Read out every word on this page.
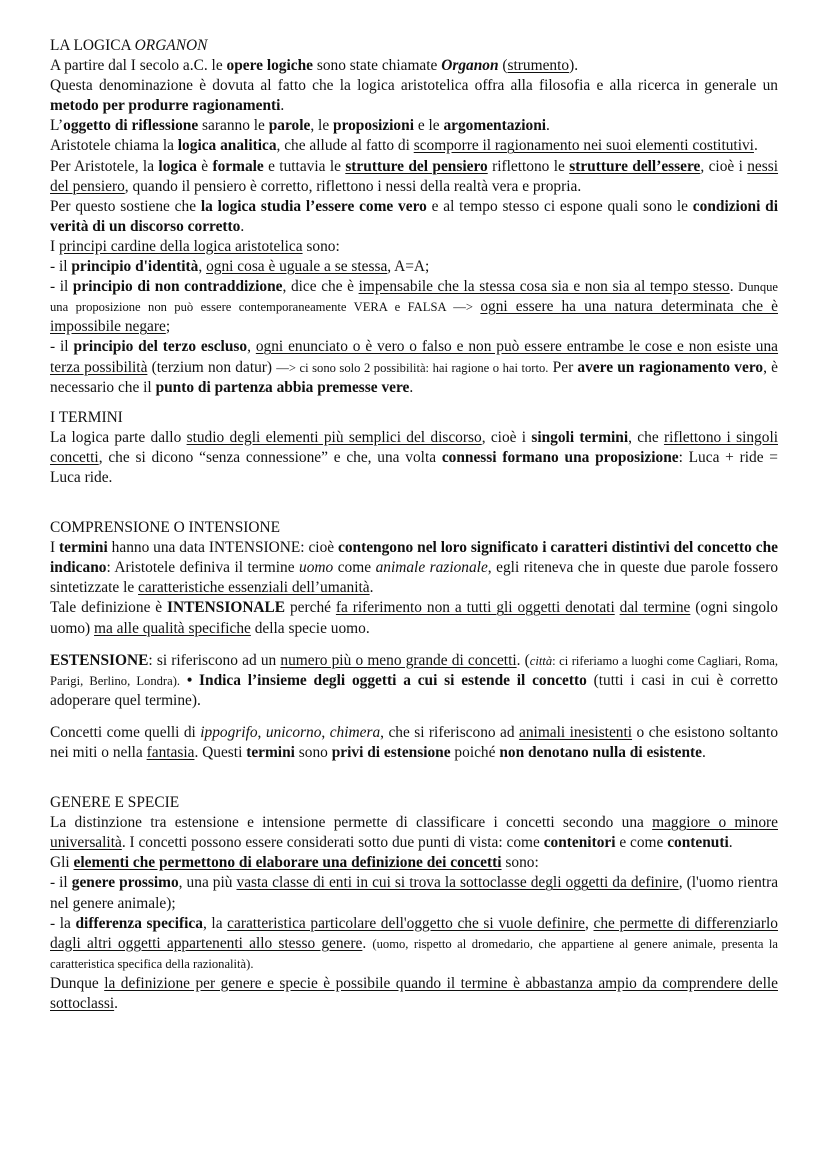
LA LOGICA ORGANON

A partire dal I secolo a.C. le opere logiche sono state chiamate Organon (strumento).

Questa denominazione è dovuta al fatto che la logica aristotelica offra alla filosofia e alla ricerca in generale un metodo per produrre ragionamenti.

L’oggetto di riflessione saranno le parole, le proposizioni e le argomentazioni.

Aristotele chiama la logica analitica, che allude al fatto di scomporre il ragionamento nei suoi elementi costitutivi.

Per Aristotele, la logica è formale e tuttavia le strutture del pensiero riflettono le strutture dell’essere, cioè i nessi del pensiero, quando il pensiero è corretto, riflettono i nessi della realtà vera e propria.

Per questo sostiene che la logica studia l’essere come vero e al tempo stesso ci espone quali sono le condizioni di verità di un discorso corretto.

I principi cardine della logica aristotelica sono:

- il principio d'identità, ogni cosa è uguale a se stessa, A=A;

- il principio di non contraddizione, dice che è impensabile che la stessa cosa sia e non sia al tempo stesso. Dunque una proposizione non può essere contemporaneamente VERA e FALSA —> ogni essere ha una natura determinata che è impossibile negare;

- il principio del terzo escluso, ogni enunciato o è vero o falso e non può essere entrambe le cose e non esiste una terza possibilità (terzium non datur) —> ci sono solo 2 possibilità: hai ragione o hai torto. Per avere un ragionamento vero, è necessario che il punto di partenza abbia premesse vere.

I TERMINI

La logica parte dallo studio degli elementi più semplici del discorso, cioè i singoli termini, che riflettono i singoli concetti, che si dicono “senza connessione” e che, una volta connessi formano una proposizione: Luca + ride = Luca ride.

COMPRENSIONE O INTENSIONE

I termini hanno una data INTENSIONE: cioè contengono nel loro significato i caratteri distintivi del concetto che indicano: Aristotele definiva il termine uomo come animale razionale, egli riteneva che in queste due parole fossero sintetizzate le caratteristiche essenziali dell’umanità.

Tale definizione è INTENSIONALE perché fa riferimento non a tutti gli oggetti denotati dal termine (ogni singolo uomo) ma alle qualità specifiche della specie uomo.

ESTENSIONE: si riferiscono ad un numero più o meno grande di concetti. (città: ci riferiamo a luoghi come Cagliari, Roma, Parigi, Berlino, Londra). • Indica l’insieme degli oggetti a cui si estende il concetto (tutti i casi in cui è corretto adoperare quel termine).

Concetti come quelli di ippogrifo, unicorno, chimera, che si riferiscono ad animali inesistenti o che esistono soltanto nei miti o nella fantasia. Questi termini sono privi di estensione poiché non denotano nulla di esistente.

GENERE E SPECIE

La distinzione tra estensione e intensione permette di classificare i concetti secondo una maggiore o minore universalità. I concetti possono essere considerati sotto due punti di vista: come contenitori e come contenuti.

Gli elementi che permettono di elaborare una definizione dei concetti sono:

- il genere prossimo, una più vasta classe di enti in cui si trova la sottoclasse degli oggetti da definire, (l'uomo rientra nel genere animale);

- la differenza specifica, la caratteristica particolare dell'oggetto che si vuole definire, che permette di differenziarlo dagli altri oggetti appartenenti allo stesso genere. (uomo, rispetto al dromedario, che appartiene al genere animale, presenta la caratteristica specifica della razionalità).

Dunque la definizione per genere e specie è possibile quando il termine è abbastanza ampio da comprendere delle sottoclassi.
